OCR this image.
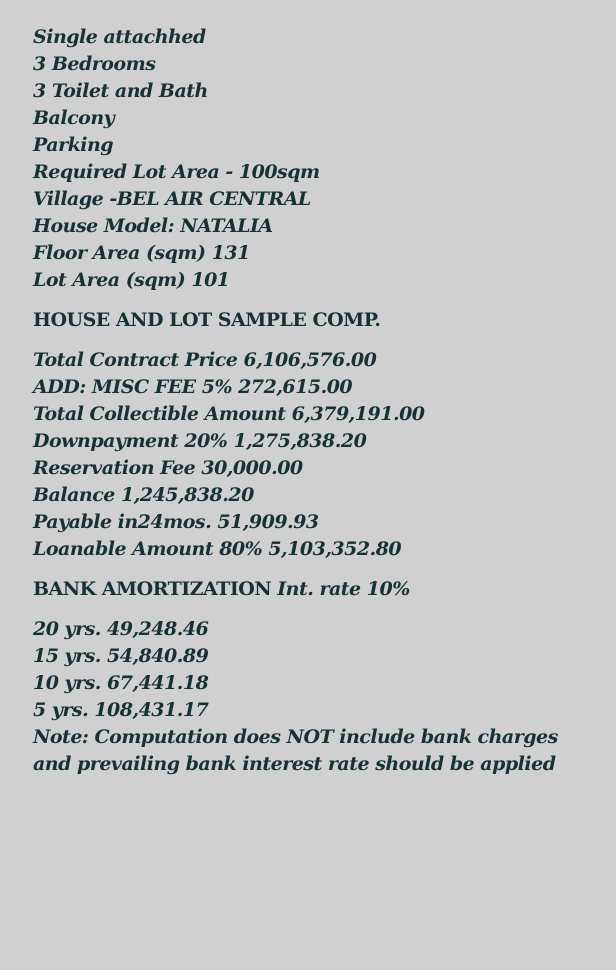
Single attachhed
3 Bedrooms
3 Toilet and Bath
Balcony
Parking
Required Lot Area - 100sqm
Village -BEL AIR CENTRAL
House Model: NATALIA
Floor Area (sqm) 131
Lot Area (sqm) 101
HOUSE AND LOT SAMPLE COMP.
Total Contract Price 6,106,576.00
ADD: MISC FEE 5% 272,615.00
Total Collectible Amount 6,379,191.00
Downpayment 20% 1,275,838.20
Reservation Fee 30,000.00
Balance 1,245,838.20
Payable in24mos. 51,909.93
Loanable Amount 80% 5,103,352.80
BANK AMORTIZATION Int. rate 10%
20 yrs. 49,248.46
15 yrs. 54,840.89
10 yrs. 67,441.18
5 yrs. 108,431.17
Note: Computation does NOT include bank charges and prevailing bank interest rate should be applied
